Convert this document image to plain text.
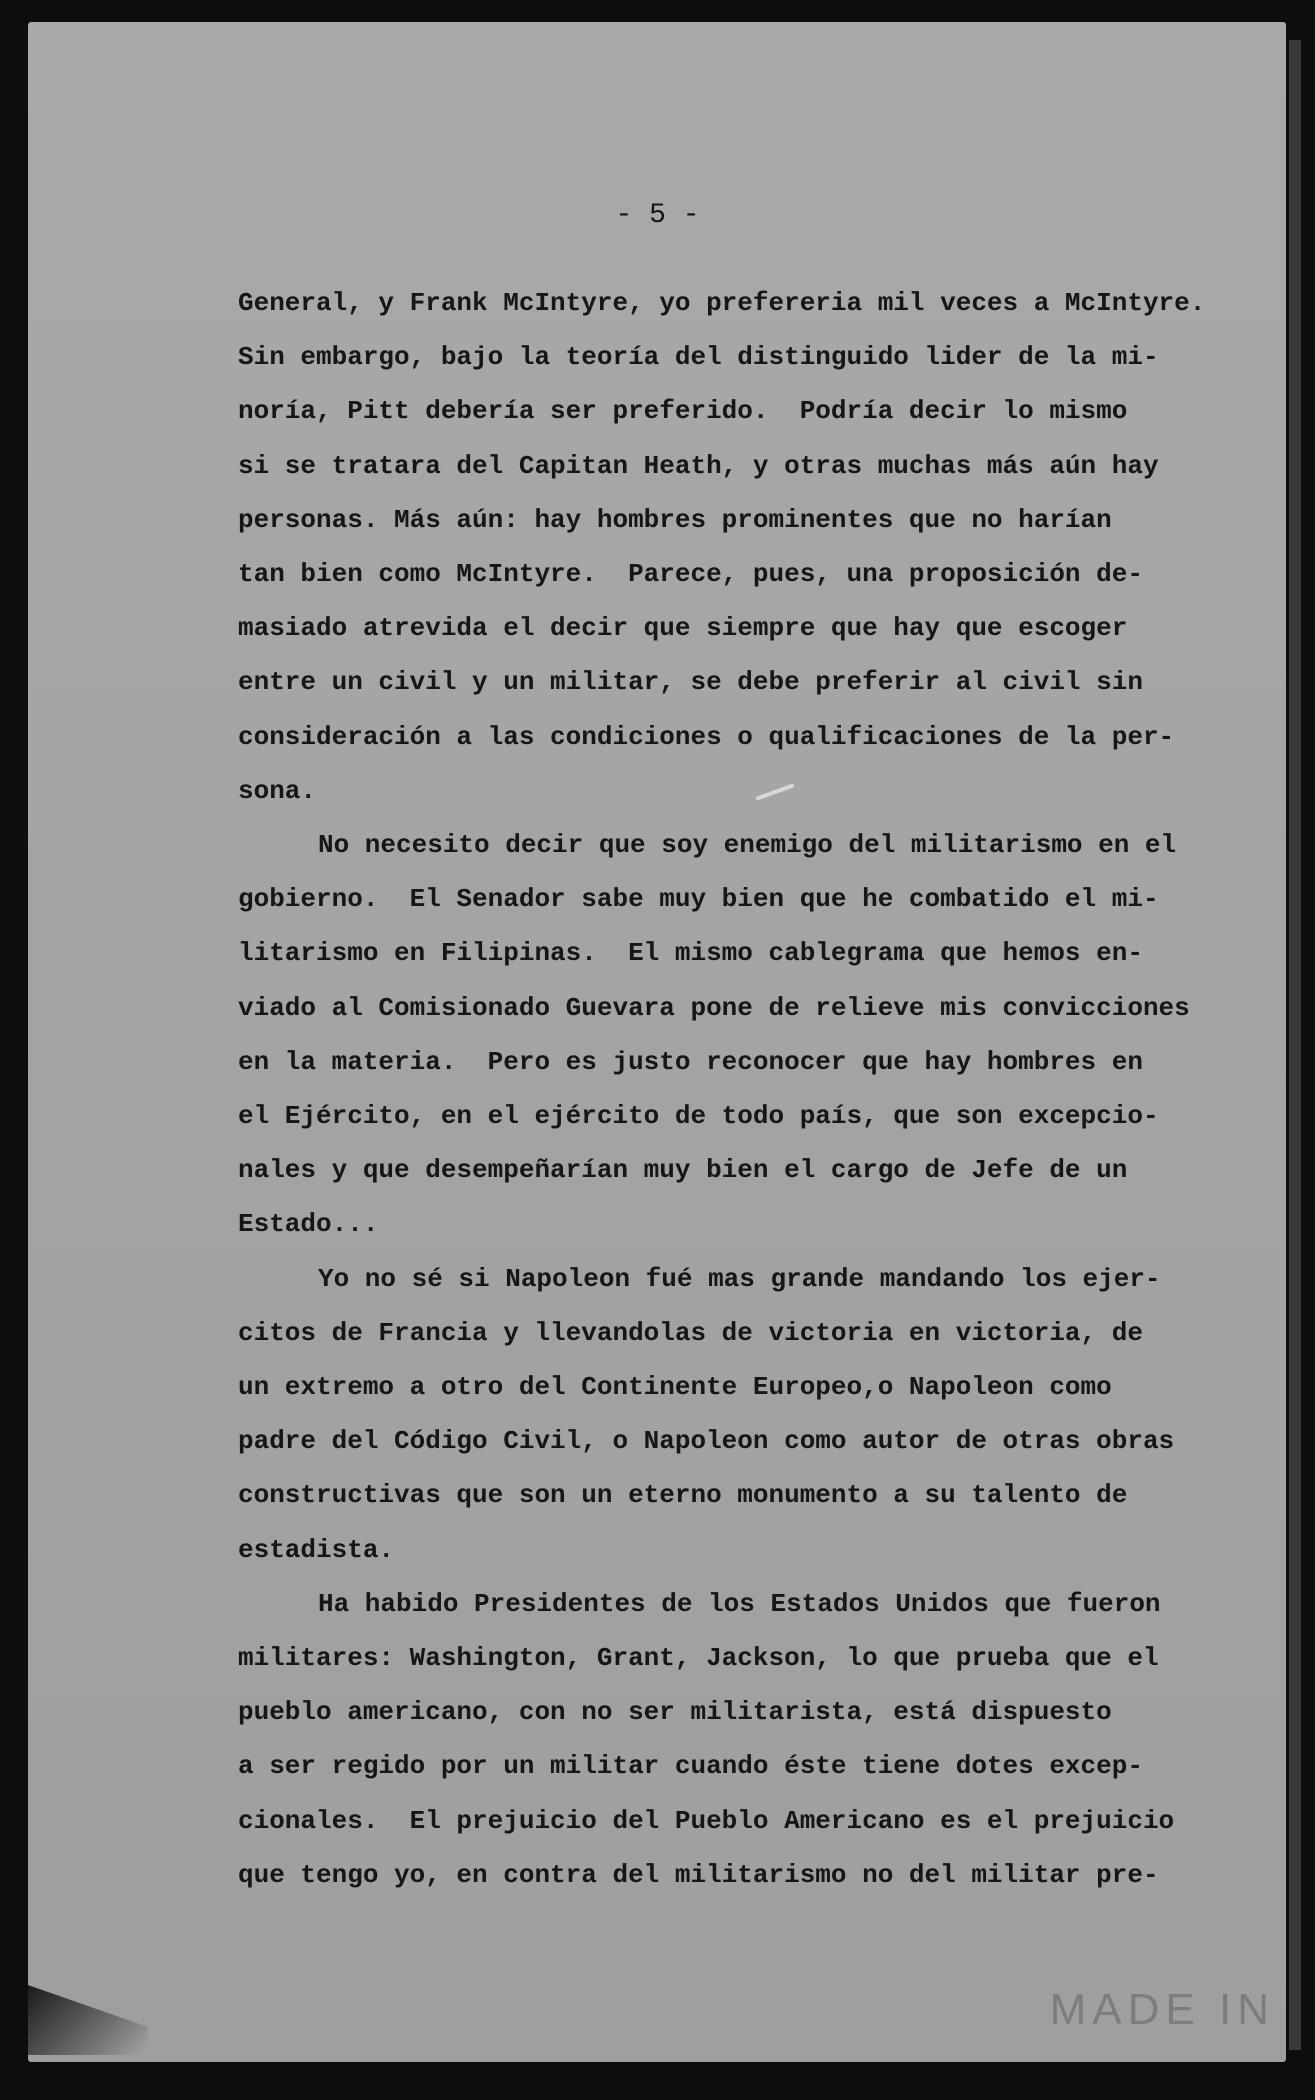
- 5 -

General, y Frank McIntyre, yo prefereria mil veces a McIntyre.
Sin embargo, bajo la teoría del distinguido lider de la mi-
noría, Pitt debería ser preferido.  Podría decir lo mismo
si se tratara del Capitan Heath, y otras muchas más aún hay
personas. Más aún: hay hombres prominentes que no harían
tan bien como McIntyre.  Parece, pues, una proposición de-
masiado atrevida el decir que siempre que hay que escoger
entre un civil y un militar, se debe preferir al civil sin
consideración a las condiciones o qualificaciones de la per-
sona.

No necesito decir que soy enemigo del militarismo en el
gobierno.  El Senador sabe muy bien que he combatido el mi-
litarismo en Filipinas.  El mismo cablegrama que hemos en-
viado al Comisionado Guevara pone de relieve mis convicciones
en la materia.  Pero es justo reconocer que hay hombres en
el Ejército, en el ejército de todo país, que son excepcio-
nales y que desempeñarían muy bien el cargo de Jefe de un
Estado...

Yo no sé si Napoleon fué mas grande mandando los ejer-
citos de Francia y llevandolas de victoria en victoria, de
un extremo a otro del Continente Europeo,o Napoleon como
padre del Código Civil, o Napoleon como autor de otras obras
constructivas que son un eterno monumento a su talento de
estadista.

Ha habido Presidentes de los Estados Unidos que fueron
militares: Washington, Grant, Jackson, lo que prueba que el
pueblo americano, con no ser militarista, está dispuesto
a ser regido por un militar cuando éste tiene dotes excep-
cionales.  El prejuicio del Pueblo Americano es el prejuicio
que tengo yo, en contra del militarismo no del militar pre-

MADE IN
